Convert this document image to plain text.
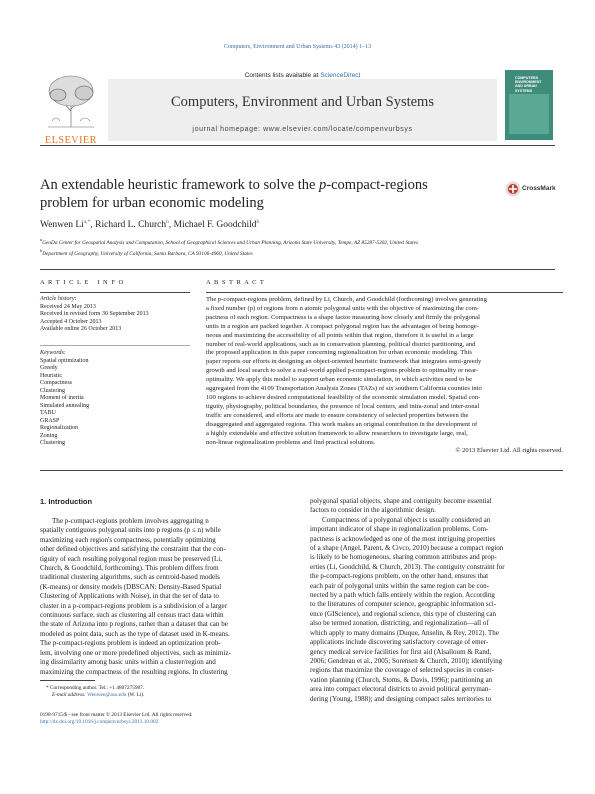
Computers, Environment and Urban Systems 43 (2014) 1–13
ELSEVIER
Contents lists available at ScienceDirect
Computers, Environment and Urban Systems
journal homepage: www.elsevier.com/locate/compenvurbsys
COMPUTERS ENVIRONMENT AND URBAN SYSTEMS
An extendable heuristic framework to solve the p-compact-regions
problem for urban economic modeling
CrossMark
Wenwen $Li^{a,*}$, Richard L. Church$^b$, Michael F. Goodchild$^b$
$^a$GeoDa Center for Geospatial Analysis and Computation, School of Geographical Sciences and Urban Planning, Arizona State University, Tempe, AZ 85287-5302, United States
$^b$Department of Geography, University of California, Santa Barbara, CA 93106-4060, United States
A R T I C L E   I N F O
Article history:
Received 24 May 2013
Received in revised form 30 September 2013
Accepted 4 October 2013
Available online 26 October 2013
Keywords:
Spatial optimization
Greedy
Heuristic
Compactness
Clustering
Moment of inertia
Simulated annealing
TABU
GRASP
Regionalization
Zoning
Clustering
A B S T R A C T
The p-compact-regions problem, defined by Li, Church, and Goodchild (forthcoming) involves generating
a fixed number (p) of regions from n atomic polygonal units with the objective of maximizing the com-
pactness of each region. Compactness is a shape factor measuring how closely and firmly the polygonal
units in a region are packed together. A compact polygonal region has the advantages of being homoge-
neous and maximizing the accessibility of all points within that region, therefore it is useful in a large
number of real-world applications, such as in conservation planning, political district partitioning, and
the proposed application in this paper concerning regionalization for urban economic modeling. This
paper reports our efforts in designing an object-oriented heuristic framework that integrates semi-greedy
growth and local search to solve a real-world applied p-compact-regions problem to optimality or near-
optimality. We apply this model to support urban economic simulation, in which activities need to be
aggregated from the 4109 Transportation Analysis Zones (TAZs) of six southern California counties into
100 regions to achieve desired computational feasibility of the economic simulation model. Spatial con-
tiguity, physiography, political boundaries, the presence of local centers, and intra-zonal and inter-zonal
traffic are considered, and efforts are made to ensure consistency of selected properties between the
disaggregated and aggregated regions. This work makes an original contribution in the development of
a highly extendable and effective solution framework to allow researchers to investigate large, real,
non-linear regionalization problems and find practical solutions.
© 2013 Elsevier Ltd. All rights reserved.
1. Introduction
The p-compact-regions problem involves aggregating n
spatially contiguous polygonal units into p regions (p ≤ n) while
maximizing each region's compactness, potentially optimizing
other defined objectives and satisfying the constraint that the con-
tiguity of each resulting polygonal region must be preserved (Li,
Church, & Goodchild, forthcoming). This problem differs from
traditional clustering algorithms, such as centroid-based models
(K-means) or density models (DBSCAN: Density-Based Spatial
Clustering of Applications with Noise), in that the set of data to
cluster in a p-compact-regions problem is a subdivision of a larger
continuous surface, such as clustering all census tract data within
the state of Arizona into p regions, rather than a dataset that can be
modeled as point data, such as the type of dataset used in K-means.
The p-compact-regions problem is indeed an optimization prob-
lem, involving one or more predefined objectives, such as minimiz-
ing dissimilarity among basic units within a cluster/region and
maximizing the compactness of the resulting regions. In clustering
polygonal spatial objects, shape and contiguity become essential
factors to consider in the algorithmic design.
Compactness of a polygonal object is usually considered an
important indicator of shape in regionalization problems. Com-
pactness is acknowledged as one of the most intriguing properties
of a shape (Angel, Parent, & Civco, 2010) because a compact region
is likely to be homogeneous, sharing common attributes and prop-
erties (Li, Goodchild, & Church, 2013). The contiguity constraint for
the p-compact-regions problem, on the other hand, ensures that
each pair of polygonal units within the same region can be con-
nected by a path which falls entirely within the region. According
to the literatures of computer science, geographic information sci-
ence (GIScience), and regional science, this type of clustering can
also be termed zonation, districting, and regionalization—all of
which apply to many domains (Duque, Anselin, & Rey, 2012). The
applications include discovering satisfactory coverage of emer-
gency medical service facilities for first aid (Alsalloum & Rand,
2006; Gendreau et al., 2005; Sorensen & Church, 2010); identifying
regions that maximize the coverage of selected species in conser-
vation planning (Church, Stoms, & Davis, 1996); partitioning an
area into compact electoral districts to avoid political gerryman-
dering (Young, 1988); and designing compact sales territories to
* Corresponding author. Tel.: +1 4807275987.
E-mail address: Wenwen@asu.edu (W. Li).
0198-9715/$ - see front matter © 2013 Elsevier Ltd. All rights reserved.
http://dx.doi.org/10.1016/j.compenvurbsys.2013.10.002
